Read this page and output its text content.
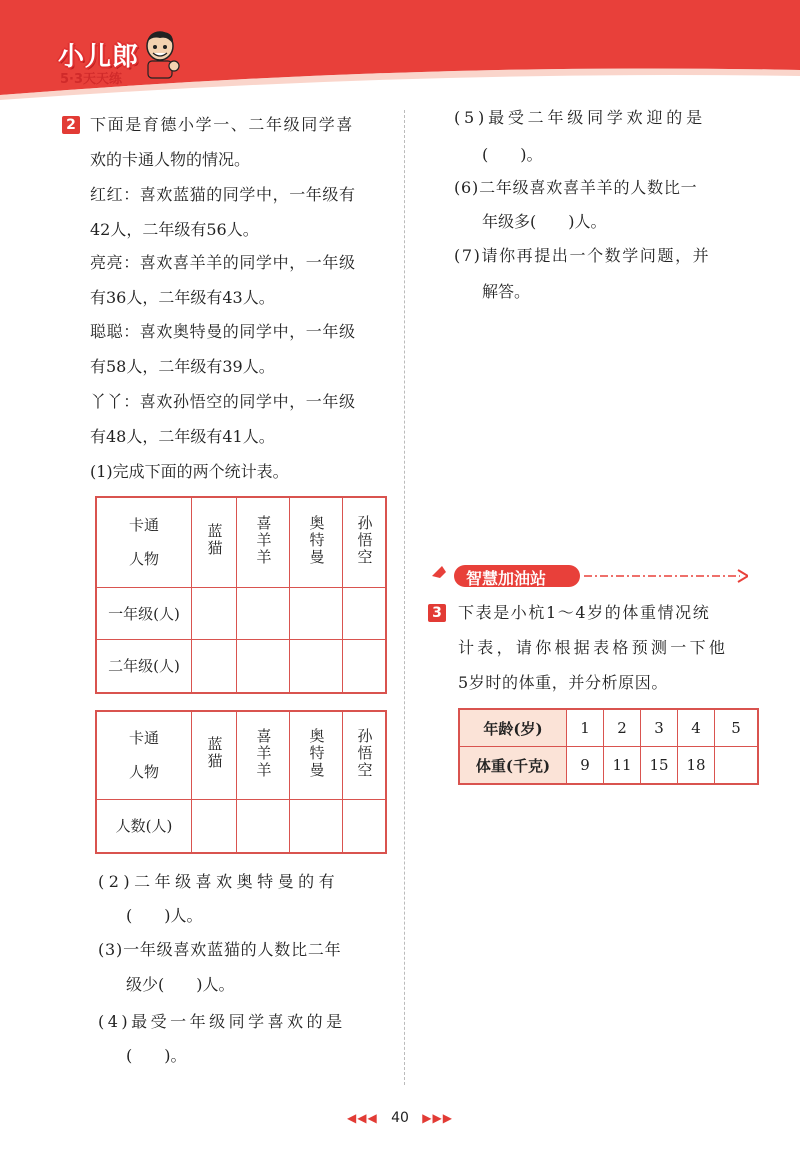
小儿郎
5·3天天练
2 下面是育德小学一、二年级同学喜
欢的卡通人物的情况。
红红：喜欢蓝猫的同学中，一年级有
42人，二年级有56人。
亮亮：喜欢喜羊羊的同学中，一年级
有36人，二年级有43人。
聪聪：喜欢奥特曼的同学中，一年级
有58人，二年级有39人。
丫丫：喜欢孙悟空的同学中，一年级
有48人，二年级有41人。
(1)完成下面的两个统计表。
卡通
人物	蓝猫	喜羊羊	奥特曼	孙悟空
一年级(人)				
二年级(人)				
卡通
人物	蓝猫	喜羊羊	奥特曼	孙悟空
人数(人)				
(2)二年级喜欢奥特曼的有
(　　)人。
(3)一年级喜欢蓝猫的人数比二年
级少(　　)人。
(4)最受一年级同学喜欢的是
(　　)。
(5)最受二年级同学欢迎的是
(　　)。
(6)二年级喜欢喜羊羊的人数比一
年级多(　　)人。
(7)请你再提出一个数学问题，并
解答。
智慧加油站
3 下表是小杭1～4岁的体重情况统
计表，请你根据表格预测一下他
5岁时的体重，并分析原因。
年龄(岁)	1	2	3	4	5
体重(千克)	9	11	15	18	
◀◀◀ 40 ▶▶▶
